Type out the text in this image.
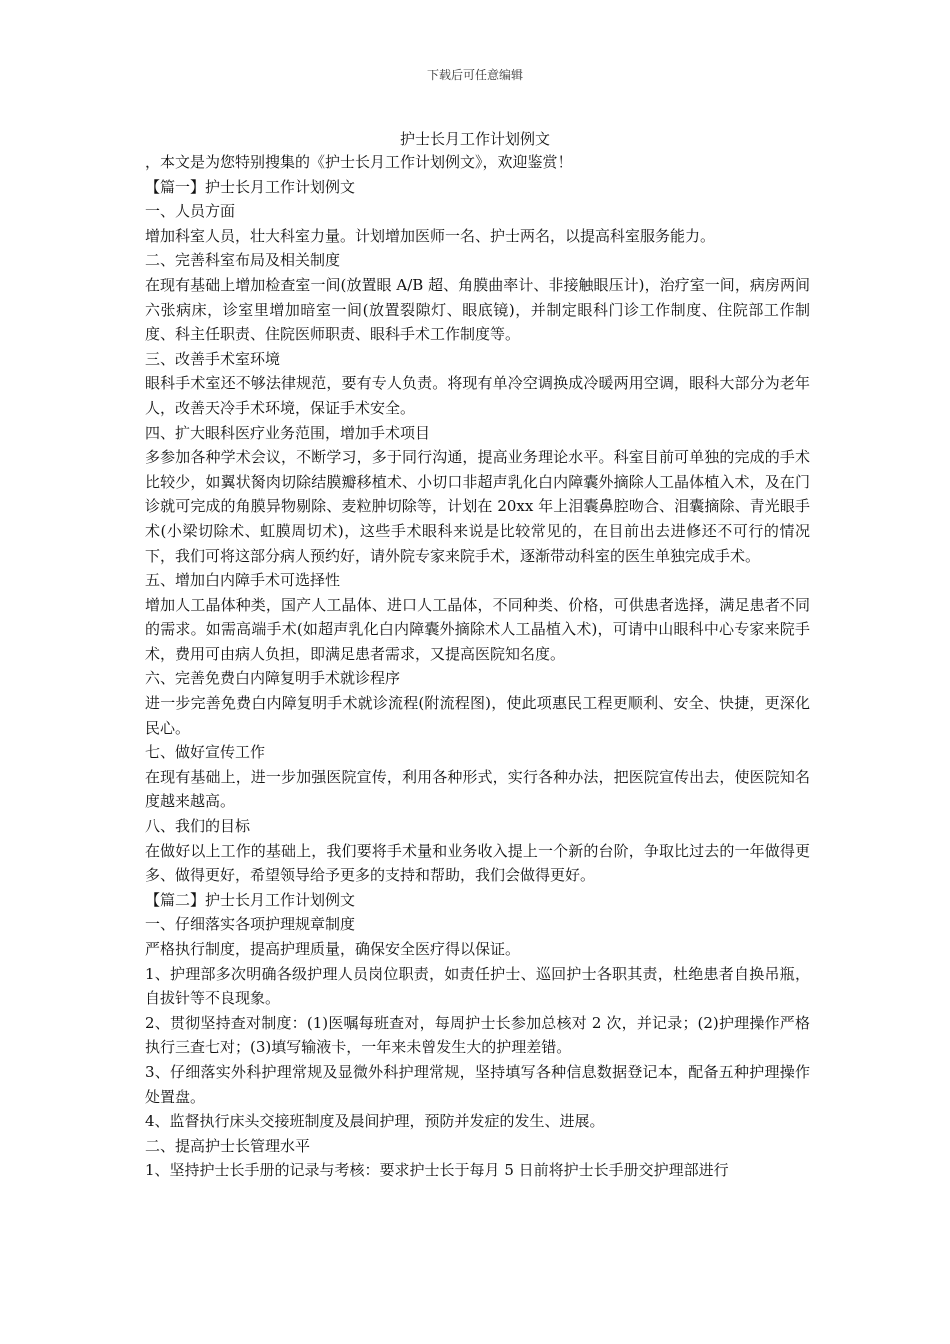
下载后可任意编辑
护士长月工作计划例文
，本文是为您特别搜集的《护士长月工作计划例文》，欢迎鉴赏！
【篇一】护士长月工作计划例文
一、人员方面
增加科室人员，壮大科室力量。计划增加医师一名、护士两名，以提高科室服务能力。
二、完善科室布局及相关制度
在现有基础上增加检查室一间(放置眼 A/B 超、角膜曲率计、非接触眼压计)，治疗室一间，病房两间六张病床，诊室里增加暗室一间(放置裂隙灯、眼底镜)，并制定眼科门诊工作制度、住院部工作制度、科主任职责、住院医师职责、眼科手术工作制度等。
三、改善手术室环境
眼科手术室还不够法律规范，要有专人负责。将现有单冷空调换成冷暖两用空调，眼科大部分为老年人，改善天冷手术环境，保证手术安全。
四、扩大眼科医疗业务范围，增加手术项目
多参加各种学术会议，不断学习，多于同行沟通，提高业务理论水平。科室目前可单独的完成的手术比较少，如翼状胬肉切除结膜瓣移植术、小切口非超声乳化白内障囊外摘除人工晶体植入术，及在门诊就可完成的角膜异物剔除、麦粒肿切除等，计划在 20xx 年上泪囊鼻腔吻合、泪囊摘除、青光眼手术(小梁切除术、虹膜周切术)，这些手术眼科来说是比较常见的，在目前出去进修还不可行的情况下，我们可将这部分病人预约好，请外院专家来院手术，逐渐带动科室的医生单独完成手术。
五、增加白内障手术可选择性
增加人工晶体种类，国产人工晶体、进口人工晶体，不同种类、价格，可供患者选择，满足患者不同的需求。如需高端手术(如超声乳化白内障囊外摘除术人工晶植入术)，可请中山眼科中心专家来院手术，费用可由病人负担，即满足患者需求，又提高医院知名度。
六、完善免费白内障复明手术就诊程序
进一步完善免费白内障复明手术就诊流程(附流程图)，使此项惠民工程更顺利、安全、快捷，更深化民心。
七、做好宣传工作
在现有基础上，进一步加强医院宣传，利用各种形式，实行各种办法，把医院宣传出去，使医院知名度越来越高。
八、我们的目标
在做好以上工作的基础上，我们要将手术量和业务收入提上一个新的台阶，争取比过去的一年做得更多、做得更好，希望领导给予更多的支持和帮助，我们会做得更好。
【篇二】护士长月工作计划例文
一、仔细落实各项护理规章制度
严格执行制度，提高护理质量，确保安全医疗得以保证。
1、护理部多次明确各级护理人员岗位职责，如责任护士、巡回护士各职其责，杜绝患者自换吊瓶，自拔针等不良现象。
2、贯彻坚持查对制度：(1)医嘱每班查对，每周护士长参加总核对 2 次，并记录；(2)护理操作严格执行三查七对；(3)填写输液卡，一年来未曾发生大的护理差错。
3、仔细落实外科护理常规及显微外科护理常规，坚持填写各种信息数据登记本，配备五种护理操作处置盘。
4、监督执行床头交接班制度及晨间护理，预防并发症的发生、进展。
二、提高护士长管理水平
1、坚持护士长手册的记录与考核：要求护士长于每月 5 日前将护士长手册交护理部进行
